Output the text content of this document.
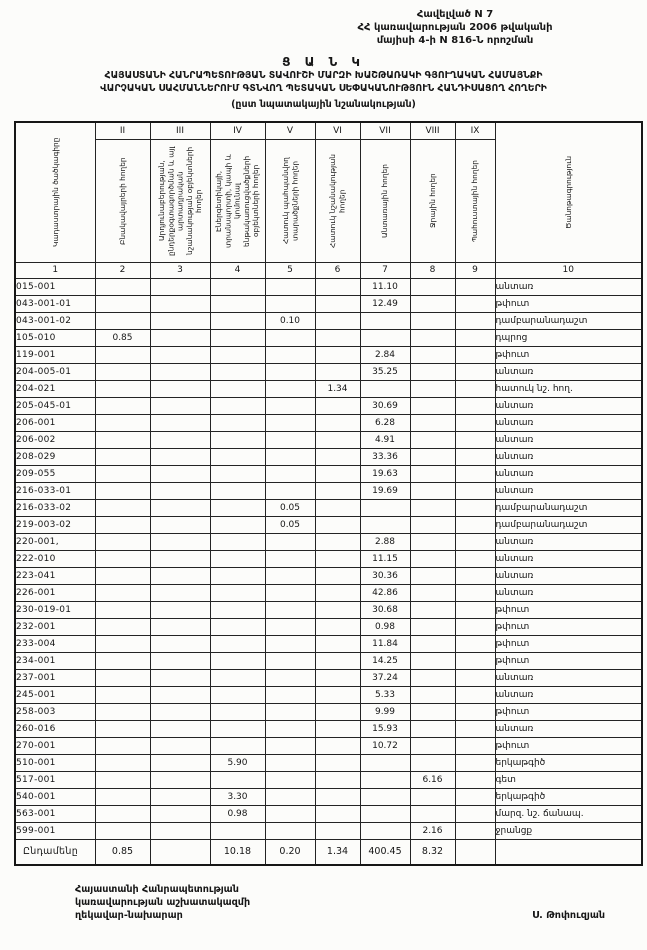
Հավելված N 7
ՀՀ կառավարության 2006 թվականի
մայիսի 4-ի N 816-Ն որոշման
Ց Ա Ն Կ
ՀԱՅԱՍՏԱՆԻ ՀԱՆՐԱՊԵՏՈՒԹՅԱՆ ՏԱՎՈՒՇԻ ՄԱՐԶԻ ԽԱՇԹԱՌԱԿԻ ԳՅՈՒՂԱԿԱՆ ՀԱՄԱՅՆՔԻ
ՎԱՐՉԱԿԱՆ ՍԱՀՄԱՆՆԵՐՈՒՄ ԳՏՆՎՈՂ ՊԵՏԱԿԱՆ ՍԵՓԱԿԱՆՈՒԹՅՈՒՆ ՀԱՆԴԻՍԱՑՈՂ ՀՈՂԵՐԻ
(ըստ նպատակային նշանակության)
Կադաստրային ծածկագիրը	II	III	IV	V	VI	VII	VIII	IX	Ծանոթագրություն

	Բնակավայրերի հողեր	Արդյունաբերության, ընդերքօգտագործման և այլ արտադրական նշանակության օբյեկտների հողեր	Էներգետիկայի, տրանսպորտի, կապի և կոմունալ ենթակառուցվածքների օբյեկտների հողեր	Հատուկ պահպանվող տարածքների հողեր	Հատուկ նշանակության հողեր	Անտառային հողեր	Ջրային հողեր	Պահուստային հողեր	

1	2	3	4	5	6	7	8	9	10
015-001						11.10			անտառ
043-001-01						12.49			թփուտ
043-001-02				0.10					դամբարանադաշտ
105-010	0.85								դպրոց
119-001						2.84			թփուտ
204-005-01						35.25			անտառ
204-021					1.34				հատուկ նշ. հող.
205-045-01						30.69			անտառ
206-001						6.28			անտառ
206-002						4.91			անտառ
208-029						33.36			անտառ
209-055						19.63			անտառ
216-033-01						19.69			անտառ
216-033-02				0.05					դամբարանադաշտ
219-003-02				0.05					դամբարանադաշտ
220-001,						2.88			անտառ
222-010						11.15			անտառ
223-041						30.36			անտառ
226-001						42.86			անտառ
230-019-01						30.68			թփուտ
232-001						0.98			թփուտ
233-004						11.84			թփուտ
234-001						14.25			թփուտ
237-001						37.24			անտառ
245-001						5.33			անտառ
258-003						9.99			թփուտ
260-016						15.93			անտառ
270-001						10.72			թփուտ
510-001			5.90						երկաթգիծ
517-001							6.16		գետ
540-001			3.30						երկաթգիծ
563-001			0.98						մարզ. նշ. ճանապ.
599-001							2.16		ջրանցք
Ընդամենը	0.85		10.18	0.20	1.34	400.45	8.32		
Հայաստանի Հանրապետության
կառավարության աշխատակազմի
ղեկավար-նախարար	Ս. Թոփուզյան
